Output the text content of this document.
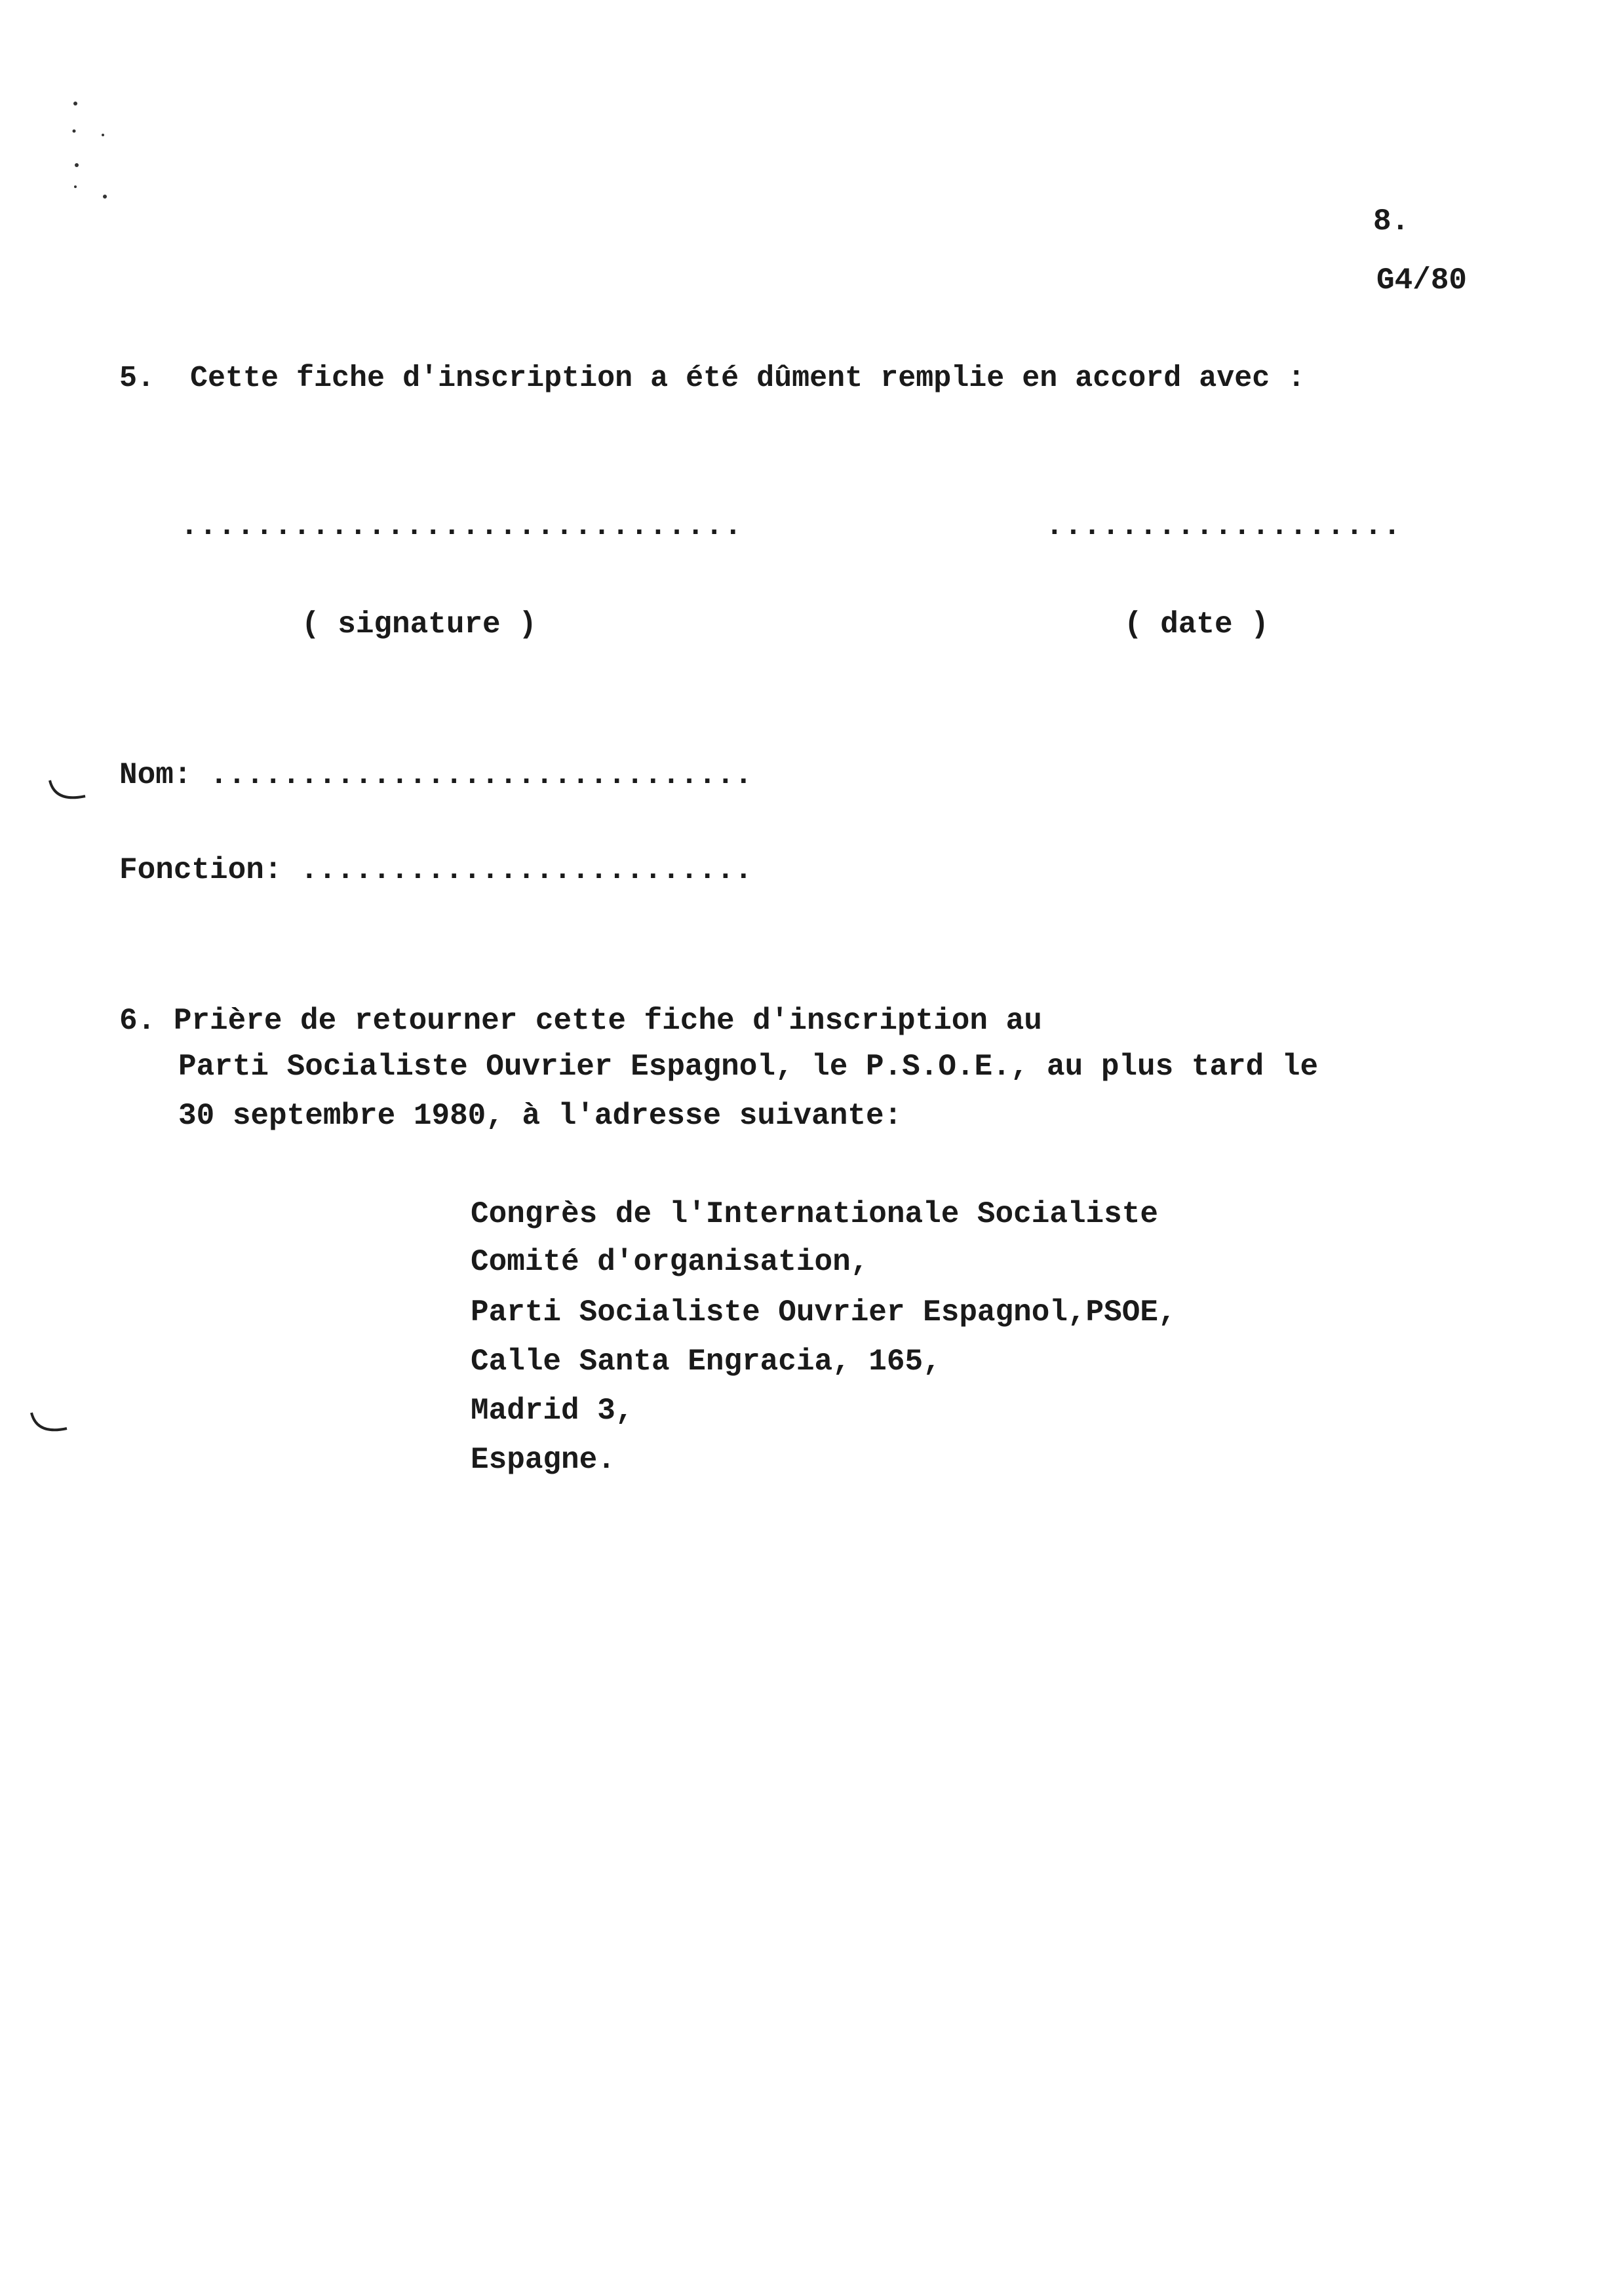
8.
G4/80
5.  Cette fiche d'inscription a été dûment remplie en accord avec :
..............................	...................
( signature )	( date )
Nom: ..............................
Fonction: .........................
6. Prière de retourner cette fiche d'inscription au
Parti Socialiste Ouvrier Espagnol, le P.S.O.E., au plus tard le
30 septembre 1980, à l'adresse suivante:
Congrès de l'Internationale Socialiste
Comité d'organisation,
Parti Socialiste Ouvrier Espagnol,PSOE,
Calle Santa Engracia, 165,
Madrid 3,
Espagne.
